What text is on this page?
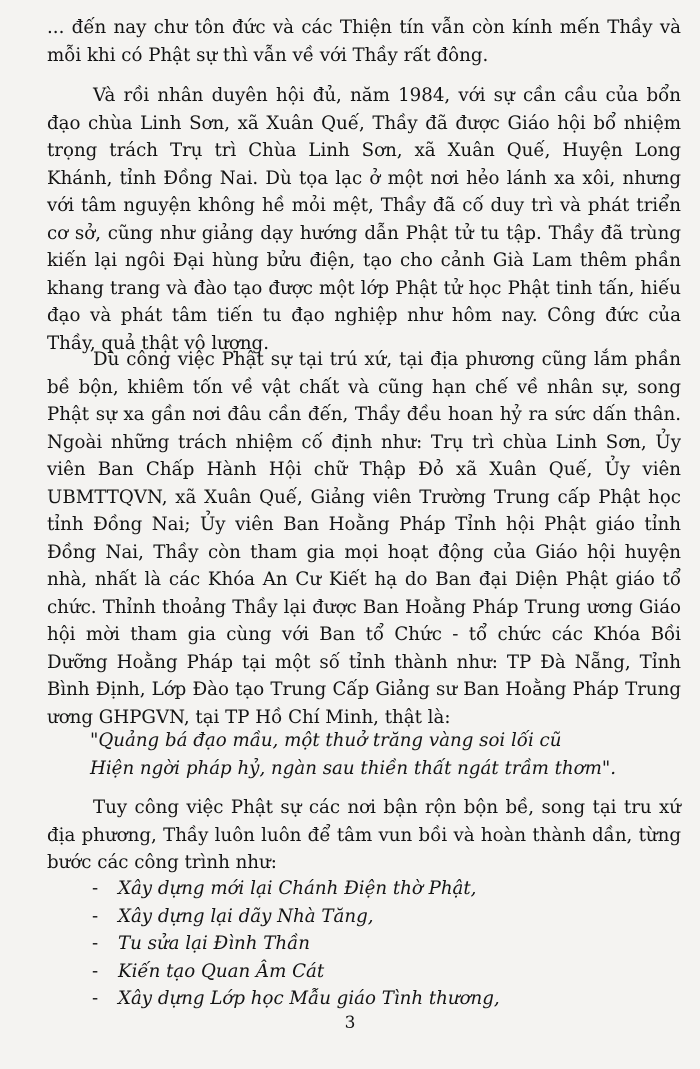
... đến nay chư tôn đức và các Thiện tín vẫn còn kính mến Thầy và mỗi khi có Phật sự thì vẫn về với Thầy rất đông.

Và rồi nhân duyên hội đủ, năm 1984, với sự cần cầu của bổn đạo chùa Linh Sơn, xã Xuân Quế, Thầy đã được Giáo hội bổ nhiệm trọng trách Trụ trì Chùa Linh Sơn, xã Xuân Quế, Huyện Long Khánh, tỉnh Đồng Nai. Dù tọa lạc ở một nơi hẻo lánh xa xôi, nhưng với tâm nguyện không hề mỏi mệt, Thầy đã cố duy trì và phát triển cơ sở, cũng như giảng dạy hướng dẫn Phật tử tu tập. Thầy đã trùng kiến lại ngôi Đại hùng bửu điện, tạo cho cảnh Già Lam thêm phần khang trang và đào tạo được một lớp Phật tử học Phật tinh tấn, hiếu đạo và phát tâm tiến tu đạo nghiệp như hôm nay. Công đức của Thầy, quả thật vô lượng.

Dù công việc Phật sự tại trú xứ, tại địa phương cũng lắm phần bề bộn, khiêm tốn về vật chất và cũng hạn chế về nhân sự, song Phật sự xa gần nơi đâu cần đến, Thầy đều hoan hỷ ra sức dấn thân. Ngoài những trách nhiệm cố định như: Trụ trì chùa Linh Sơn, Ủy viên Ban Chấp Hành Hội chữ Thập Đỏ xã Xuân Quế, Ủy viên UBMTTQVN, xã Xuân Quế, Giảng viên Trường Trung cấp Phật học tỉnh Đồng Nai; Ủy viên Ban Hoằng Pháp Tỉnh hội Phật giáo tỉnh Đồng Nai, Thầy còn tham gia mọi hoạt động của Giáo hội huyện nhà, nhất là các Khóa An Cư Kiết hạ do Ban đại Diện Phật giáo tổ chức. Thỉnh thoảng Thầy lại được Ban Hoằng Pháp Trung ương Giáo hội mời tham gia cùng với Ban tổ Chức - tổ chức các Khóa Bồi Dưỡng Hoằng Pháp tại một số tỉnh thành như: TP Đà Nẵng, Tỉnh Bình Định, Lớp Đào tạo Trung Cấp Giảng sư Ban Hoằng Pháp Trung ương GHPGVN, tại TP Hồ Chí Minh, thật là:

"Quảng bá đạo mầu, một thuở trăng vàng soi lối cũ
Hiện ngời pháp hỷ, ngàn sau thiền thất ngát trầm thơm".

Tuy công việc Phật sự các nơi bận rộn bộn bề, song tại tru xứ địa phương, Thầy luôn luôn để tâm vun bồi và hoàn thành dần, từng bước các công trình như:

- Xây dựng mới lại Chánh Điện thờ Phật,
- Xây dựng lại dãy Nhà Tăng,
- Tu sửa lại Đình Thần
- Kiến tạo Quan Âm Cát
- Xây dựng Lớp học Mẫu giáo Tình thương,
3
